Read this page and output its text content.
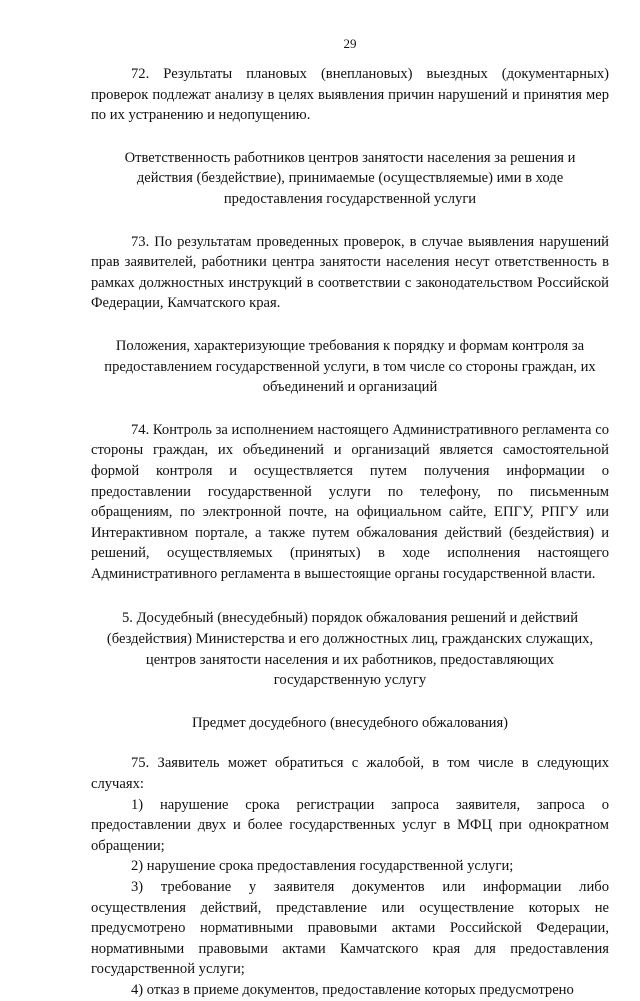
29

72. Результаты плановых (внеплановых) выездных (документарных) проверок подлежат анализу в целях выявления причин нарушений и принятия мер по их устранению и недопущению.

Ответственность работников центров занятости населения за решения и действия (бездействие), принимаемые (осуществляемые) ими в ходе предоставления государственной услуги

73. По результатам проведенных проверок, в случае выявления нарушений прав заявителей, работники центра занятости населения несут ответственность в рамках должностных инструкций в соответствии с законодательством Российской Федерации, Камчатского края.

Положения, характеризующие требования к порядку и формам контроля за предоставлением государственной услуги, в том числе со стороны граждан, их объединений и организаций

74. Контроль за исполнением настоящего Административного регламента со стороны граждан, их объединений и организаций является самостоятельной формой контроля и осуществляется путем получения информации о предоставлении государственной услуги по телефону, по письменным обращениям, по электронной почте, на официальном сайте, ЕПГУ, РПГУ или Интерактивном портале, а также путем обжалования действий (бездействия) и решений, осуществляемых (принятых) в ходе исполнения настоящего Административного регламента в вышестоящие органы государственной власти.

5. Досудебный (внесудебный) порядок обжалования решений и действий (бездействия) Министерства и его должностных лиц, гражданских служащих, центров занятости населения и их работников, предоставляющих государственную услугу

Предмет досудебного (внесудебного обжалования)

75. Заявитель может обратиться с жалобой, в том числе в следующих случаях:

1) нарушение срока регистрации запроса заявителя, запроса о предоставлении двух и более государственных услуг в МФЦ при однократном обращении;

2) нарушение срока предоставления государственной услуги;

3) требование у заявителя документов или информации либо осуществления действий, представление или осуществление которых не предусмотрено нормативными правовыми актами Российской Федерации, нормативными правовыми актами Камчатского края для предоставления государственной услуги;

4) отказ в приеме документов, предоставление которых предусмотрено
